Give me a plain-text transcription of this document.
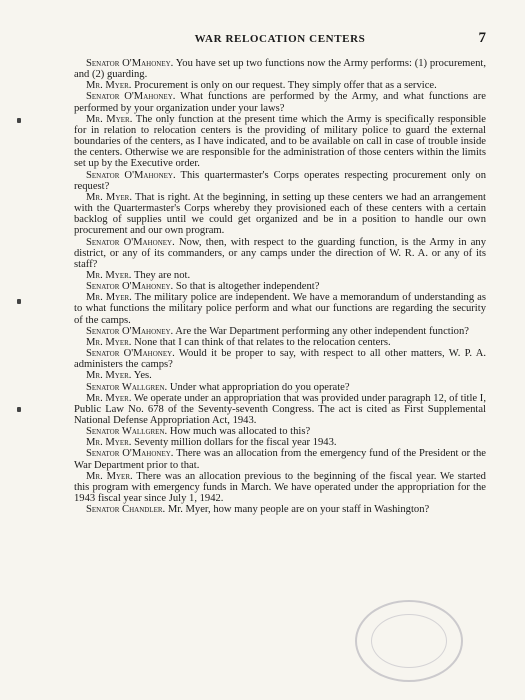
WAR RELOCATION CENTERS	7

Senator O'Mahoney. You have set up two functions now the Army performs: (1) procurement, and (2) guarding.

Mr. Myer. Procurement is only on our request. They simply offer that as a service.

Senator O'Mahoney. What functions are performed by the Army, and what functions are performed by your organization under your laws?

Mr. Myer. The only function at the present time which the Army is specifically responsible for in relation to relocation centers is the providing of military police to guard the external boundaries of the centers, as I have indicated, and to be available on call in case of trouble inside the centers. Otherwise we are responsible for the administration of those centers within the limits set up by the Executive order.

Senator O'Mahoney. This quartermaster's Corps operates respecting procurement only on request?

Mr. Myer. That is right. At the beginning, in setting up these centers we had an arrangement with the Quartermaster's Corps whereby they provisioned each of these centers with a certain backlog of supplies until we could get organized and be in a position to handle our own procurement and our own program.

Senator O'Mahoney. Now, then, with respect to the guarding function, is the Army in any district, or any of its commanders, or any camps under the direction of W. R. A. or any of its staff?

Mr. Myer. They are not.

Senator O'Mahoney. So that is altogether independent?

Mr. Myer. The military police are independent. We have a memorandum of understanding as to what functions the military police perform and what our functions are regarding the security of the camps.

Senator O'Mahoney. Are the War Department performing any other independent function?

Mr. Myer. None that I can think of that relates to the relocation centers.

Senator O'Mahoney. Would it be proper to say, with respect to all other matters, W. P. A. administers the camps?

Mr. Myer. Yes.

Senator Wallgren. Under what appropriation do you operate?

Mr. Myer. We operate under an appropriation that was provided under paragraph 12, of title I, Public Law No. 678 of the Seventy-seventh Congress. The act is cited as First Supplemental National Defense Appropriation Act, 1943.

Senator Wallgren. How much was allocated to this?

Mr. Myer. Seventy million dollars for the fiscal year 1943.

Senator O'Mahoney. There was an allocation from the emergency fund of the President or the War Department prior to that.

Mr. Myer. There was an allocation previous to the beginning of the fiscal year. We started this program with emergency funds in March. We have operated under the appropriation for the 1943 fiscal year since July 1, 1942.

Senator Chandler. Mr. Myer, how many people are on your staff in Washington?
